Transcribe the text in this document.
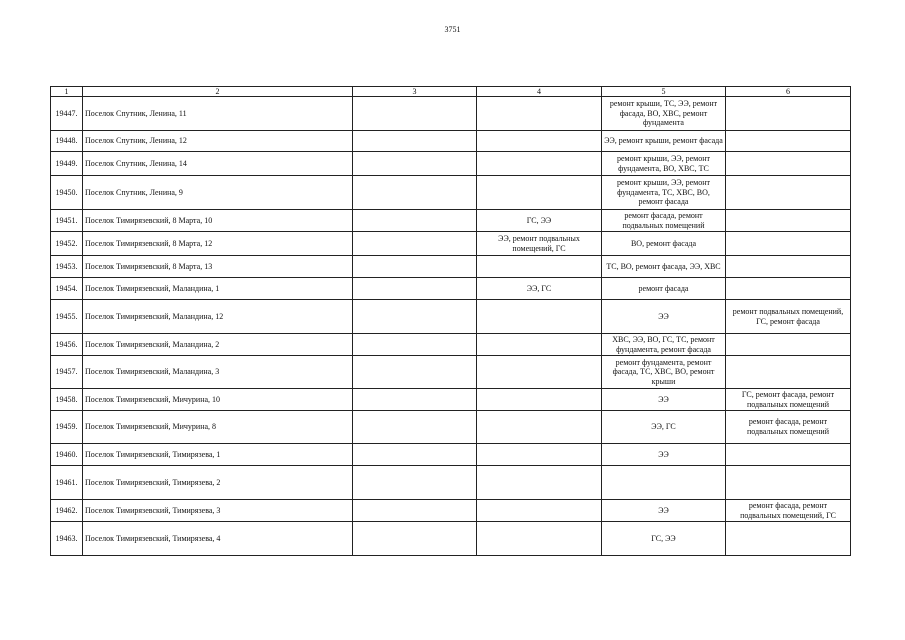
3751
1	2	3	4	5	6
19447.	Поселок Спутник, Ленина, 11			ремонт крыши, ТС, ЭЭ, ремонт фасада, ВО, ХВС, ремонт фундамента	
19448.	Поселок Спутник, Ленина, 12			ЭЭ, ремонт крыши, ремонт фасада	
19449.	Поселок Спутник, Ленина, 14			ремонт крыши, ЭЭ, ремонт фундамента, ВО, ХВС, ТС	
19450.	Поселок Спутник, Ленина, 9			ремонт крыши, ЭЭ, ремонт фундамента, ТС, ХВС, ВО, ремонт фасада	
19451.	Поселок Тимирязевский, 8 Марта, 10		ГС, ЭЭ	ремонт фасада, ремонт подвальных помещений	
19452.	Поселок Тимирязевский, 8 Марта, 12		ЭЭ, ремонт подвальных помещений, ГС	ВО, ремонт фасада	
19453.	Поселок Тимирязевский, 8 Марта, 13			ТС, ВО, ремонт фасада, ЭЭ, ХВС	
19454.	Поселок Тимирязевский, Маландина, 1		ЭЭ, ГС	ремонт фасада	
19455.	Поселок Тимирязевский, Маландина, 12			ЭЭ	ремонт подвальных помещений, ГС, ремонт фасада
19456.	Поселок Тимирязевский, Маландина, 2			ХВС, ЭЭ, ВО, ГС, ТС, ремонт фундамента, ремонт фасада	
19457.	Поселок Тимирязевский, Маландина, 3			ремонт фундамента, ремонт фасада, ТС, ХВС, ВО, ремонт крыши	
19458.	Поселок Тимирязевский, Мичурина, 10			ЭЭ	ГС, ремонт фасада, ремонт подвальных помещений
19459.	Поселок Тимирязевский, Мичурина, 8			ЭЭ, ГС	ремонт фасада, ремонт подвальных помещений
19460.	Поселок Тимирязевский, Тимирязева, 1			ЭЭ	
19461.	Поселок Тимирязевский, Тимирязева, 2				
19462.	Поселок Тимирязевский, Тимирязева, 3			ЭЭ	ремонт фасада, ремонт подвальных помещений, ГС
19463.	Поселок Тимирязевский, Тимирязева, 4			ГС, ЭЭ	
